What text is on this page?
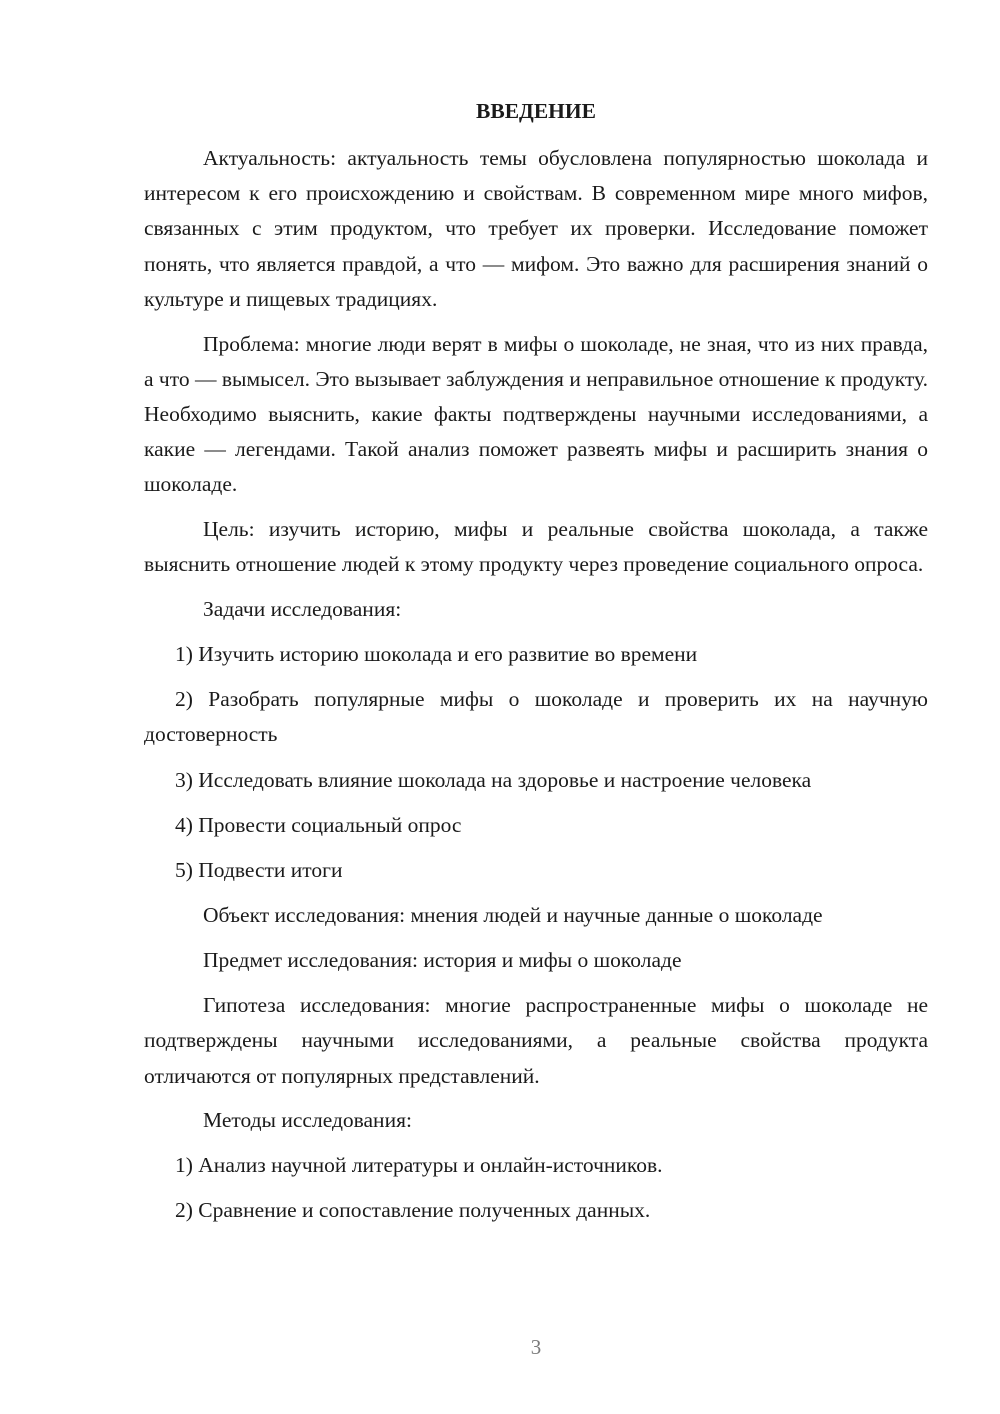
ВВЕДЕНИЕ

Актуальность: актуальность темы обусловлена популярностью шоколада и интересом к его происхождению и свойствам. В современном мире много мифов, связанных с этим продуктом, что требует их проверки. Исследование поможет понять, что является правдой, а что — мифом. Это важно для расширения знаний о культуре и пищевых традициях.

Проблема: многие люди верят в мифы о шоколаде, не зная, что из них правда, а что — вымысел. Это вызывает заблуждения и неправильное отношение к продукту. Необходимо выяснить, какие факты подтверждены научными исследованиями, а какие — легендами. Такой анализ поможет развеять мифы и расширить знания о шоколаде.

Цель: изучить историю, мифы и реальные свойства шоколада, а также выяснить отношение людей к этому продукту через проведение социального опроса.

Задачи исследования:

1) Изучить историю шоколада и его развитие во времени

2) Разобрать популярные мифы о шоколаде и проверить их на научную достоверность

3) Исследовать влияние шоколада на здоровье и настроение человека

4) Провести социальный опрос

5) Подвести итоги

Объект исследования: мнения людей и научные данные о шоколаде

Предмет исследования: история и мифы о шоколаде

Гипотеза исследования: многие распространенные мифы о шоколаде не подтверждены научными исследованиями, а реальные свойства продукта отличаются от популярных представлений.

Методы исследования:

1) Анализ научной литературы и онлайн-источников.

2) Сравнение и сопоставление полученных данных.

3
